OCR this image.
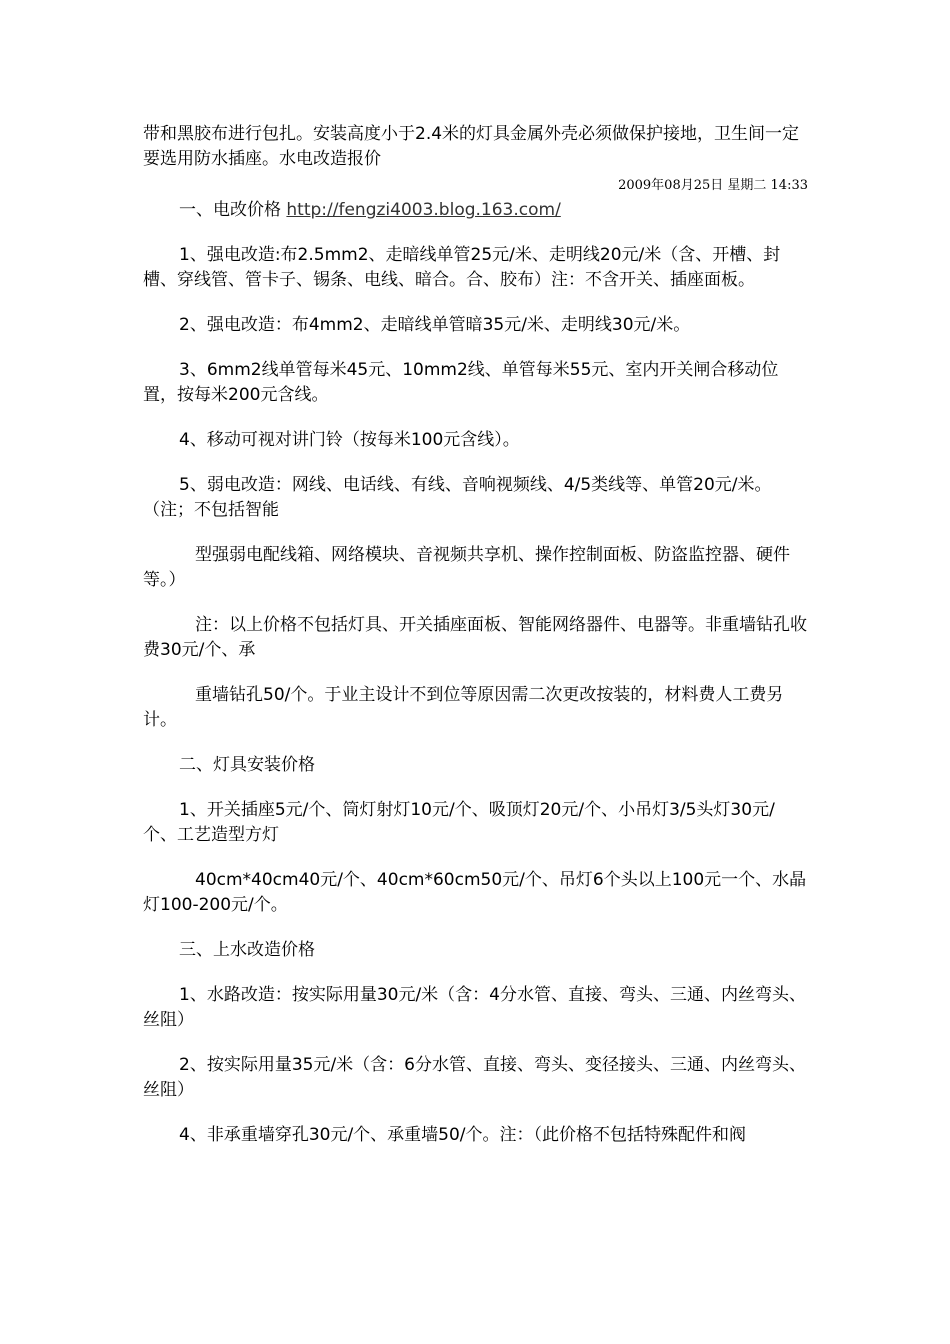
带和黑胶布进行包扎。安装高度小于2.4米的灯具金属外壳必须做保护接地，卫生间一定要选用防水插座。水电改造报价

2009年08月25日 星期二 14:33

一、电改价格 http://fengzi4003.blog.163.com/

1、强电改造:布2.5mm2、走暗线单管25元/米、走明线20元/米（含、开槽、封槽、穿线管、管卡子、锡条、电线、暗合。合、胶布）注：不含开关、插座面板。

2、强电改造：布4mm2、走暗线单管暗35元/米、走明线30元/米。

3、6mm2线单管每米45元、10mm2线、单管每米55元、室内开关闸合移动位置，按每米200元含线。

4、移动可视对讲门铃（按每米100元含线）。

5、弱电改造：网线、电话线、有线、音响视频线、4/5类线等、单管20元/米。（注；不包括智能

型强弱电配线箱、网络模块、音视频共享机、操作控制面板、防盗监控器、硬件等。）

注：以上价格不包括灯具、开关插座面板、智能网络器件、电器等。非重墙钻孔收费30元/个、承

重墙钻孔50/个。于业主设计不到位等原因需二次更改按装的，材料费人工费另计。

二、灯具安装价格

1、开关插座5元/个、筒灯射灯10元/个、吸顶灯20元/个、小吊灯3/5头灯30元/个、工艺造型方灯

40cm*40cm40元/个、40cm*60cm50元/个、吊灯6个头以上100元一个、水晶灯100-200元/个。

三、上水改造价格

1、水路改造：按实际用量30元/米（含：4分水管、直接、弯头、三通、内丝弯头、丝阻）

2、按实际用量35元/米（含：6分水管、直接、弯头、变径接头、三通、内丝弯头、丝阻）

4、非承重墙穿孔30元/个、承重墙50/个。注：（此价格不包括特殊配件和阀
